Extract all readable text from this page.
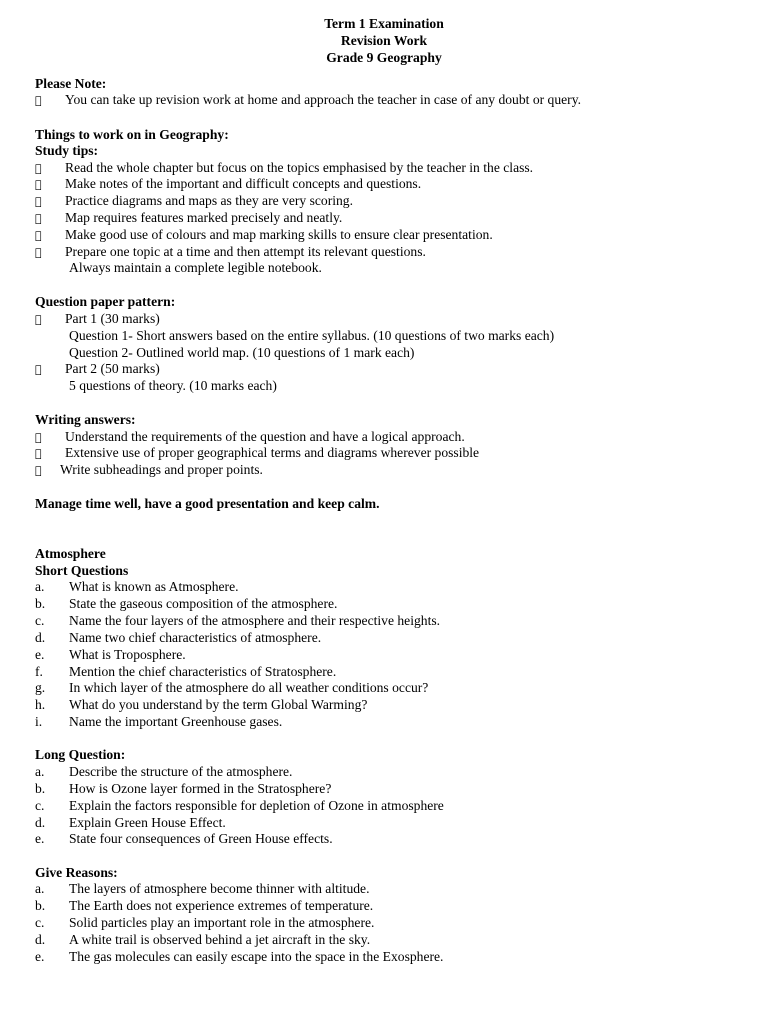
Term 1 Examination
Revision Work
Grade 9 Geography
Please Note:
You can take up revision work at home and approach the teacher in case of any doubt or query.
Things to work on in Geography:
Study tips:
Read the whole chapter but focus on the topics emphasised by the teacher in the class.
Make notes of the important and difficult concepts and questions.
Practice diagrams and maps as they are very scoring.
Map requires features marked precisely and neatly.
Make good use of colours and map marking skills to ensure clear presentation.
Prepare one topic at a time and then attempt its relevant questions.
Always maintain a complete legible notebook.
Question paper pattern:
Part 1 (30 marks)
Question 1- Short answers based on the entire syllabus. (10 questions of two marks each)
Question 2- Outlined world map. (10 questions of 1 mark each)
Part 2 (50 marks)
5 questions of theory. (10 marks each)
Writing answers:
Understand the requirements of the question and have a logical approach.
Extensive use of proper geographical terms and diagrams wherever possible
Write subheadings and proper points.
Manage time well, have a good presentation and keep calm.
Atmosphere
Short Questions
a. What is known as Atmosphere.
b. State the gaseous composition of the atmosphere.
c. Name the four layers of the atmosphere and their respective heights.
d. Name two chief characteristics of atmosphere.
e. What is Troposphere.
f. Mention the chief characteristics of Stratosphere.
g. In which layer of the atmosphere do all weather conditions occur?
h. What do you understand by the term Global Warming?
i. Name the important Greenhouse gases.
Long Question:
a. Describe the structure of the atmosphere.
b. How is Ozone layer formed in the Stratosphere?
c. Explain the factors responsible for depletion of Ozone in atmosphere
d. Explain Green House Effect.
e. State four consequences of Green House effects.
Give Reasons:
a. The layers of atmosphere become thinner with altitude.
b. The Earth does not experience extremes of temperature.
c. Solid particles play an important role in the atmosphere.
d. A white trail is observed behind a jet aircraft in the sky.
e. The gas molecules can easily escape into the space in the Exosphere.
